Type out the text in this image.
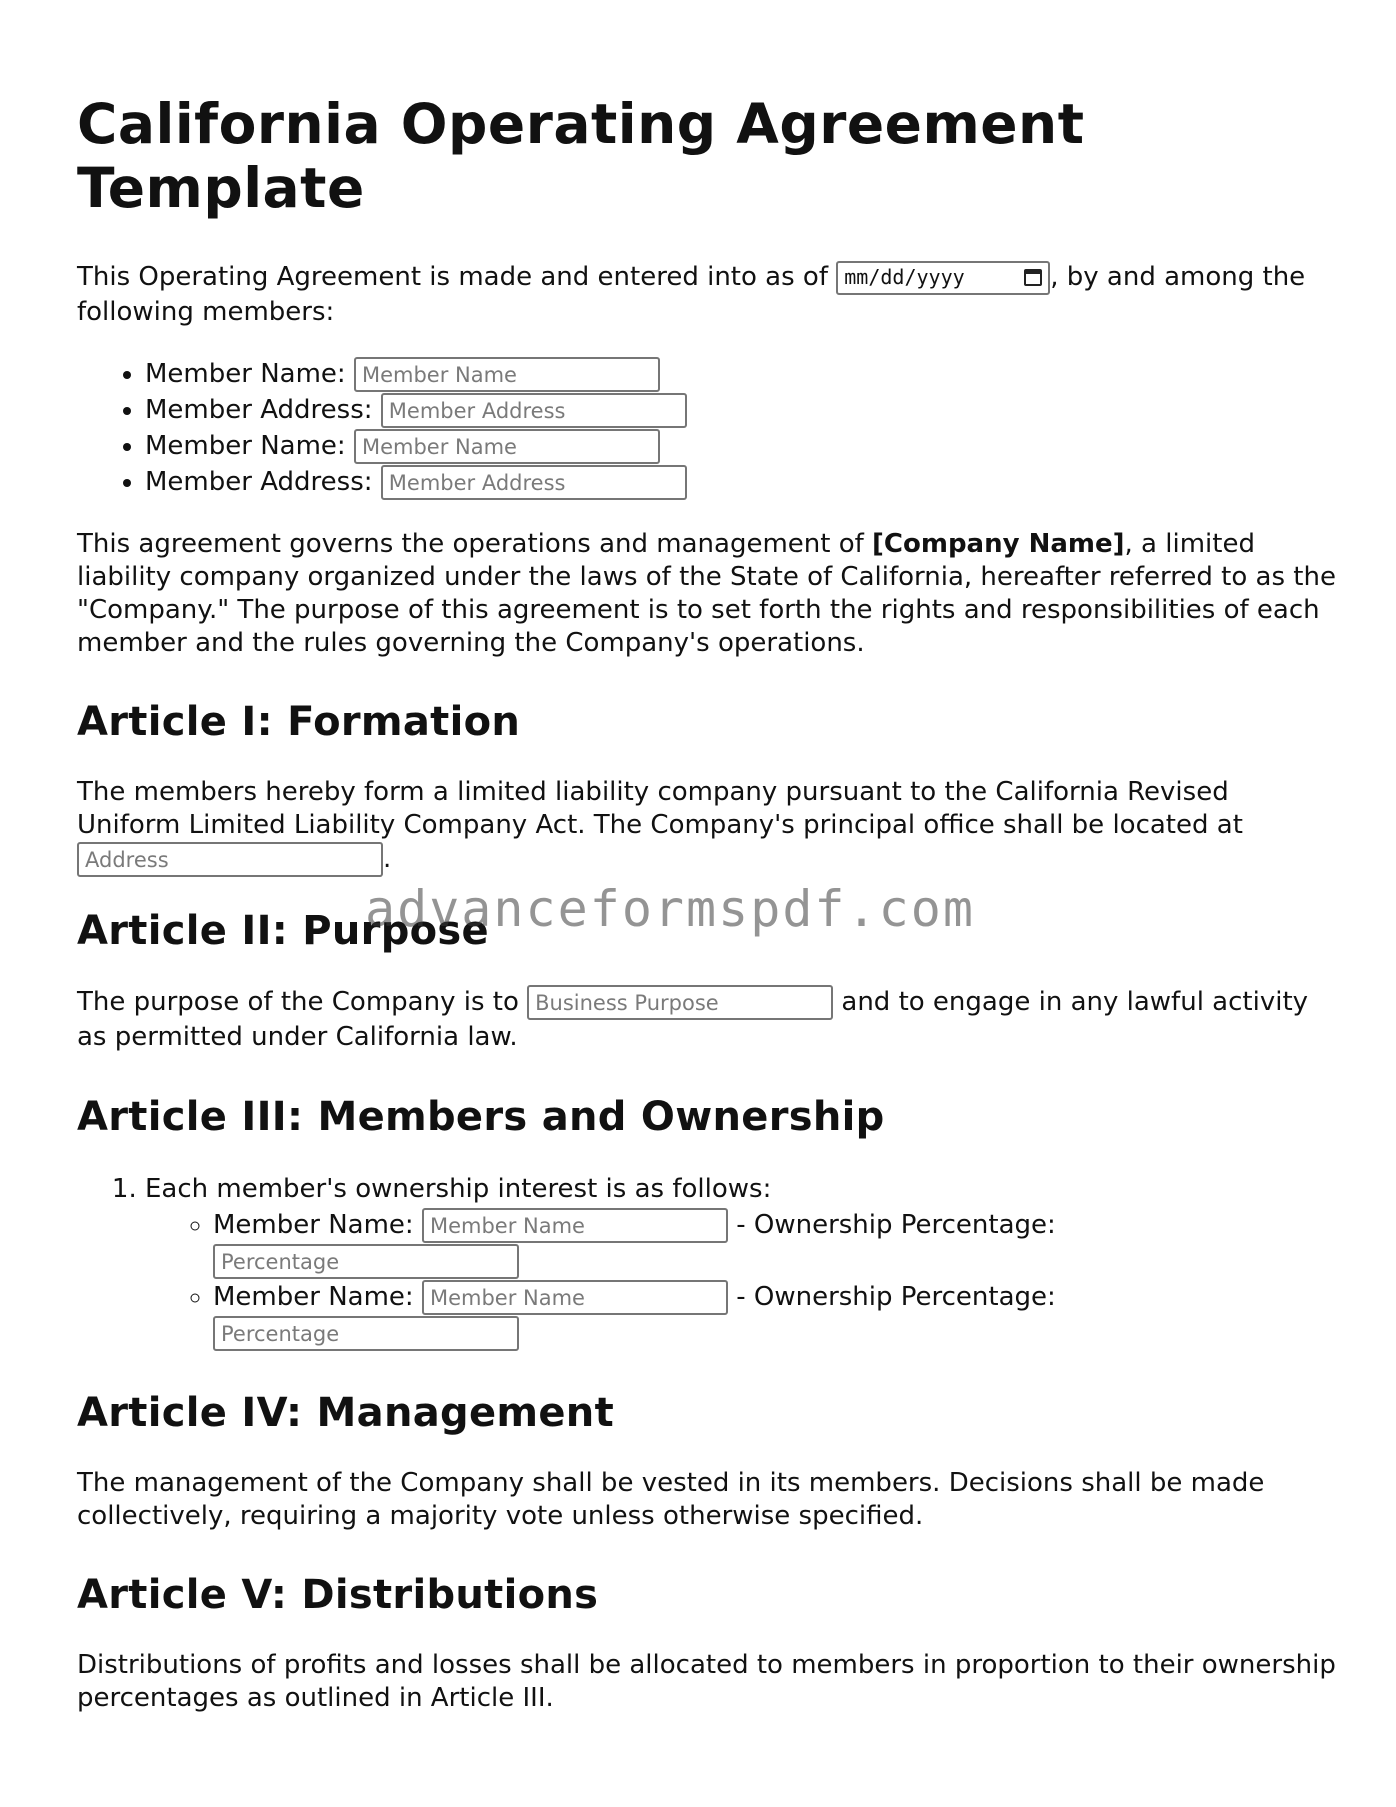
California Operating Agreement Template

This Operating Agreement is made and entered into as of mm/dd/yyyy	, by and among the following members:

• Member Name: Member Name
• Member Address: Member Address
• Member Name: Member Name
• Member Address: Member Address

This agreement governs the operations and management of [Company Name], a limited liability company organized under the laws of the State of California, hereafter referred to as the "Company." The purpose of this agreement is to set forth the rights and responsibilities of each member and the rules governing the Company's operations.

Article I: Formation

The members hereby form a limited liability company pursuant to the California Revised Uniform Limited Liability Company Act. The Company's principal office shall be located at Address.

Article II: Purpose

The purpose of the Company is to Business Purpose	and to engage in any lawful activity as permitted under California law.

Article III: Members and Ownership
1. Each member's ownership interest is as follows:
◦ Member Name: Member Name	- Ownership Percentage: Percentage
◦ Member Name: Member Name	- Ownership Percentage: Percentage
Article IV: Management

The management of the Company shall be vested in its members. Decisions shall be made collectively, requiring a majority vote unless otherwise specified.

Article V: Distributions

Distributions of profits and losses shall be allocated to members in proportion to their ownership percentages as outlined in Article III.

advanceformspdf.com
